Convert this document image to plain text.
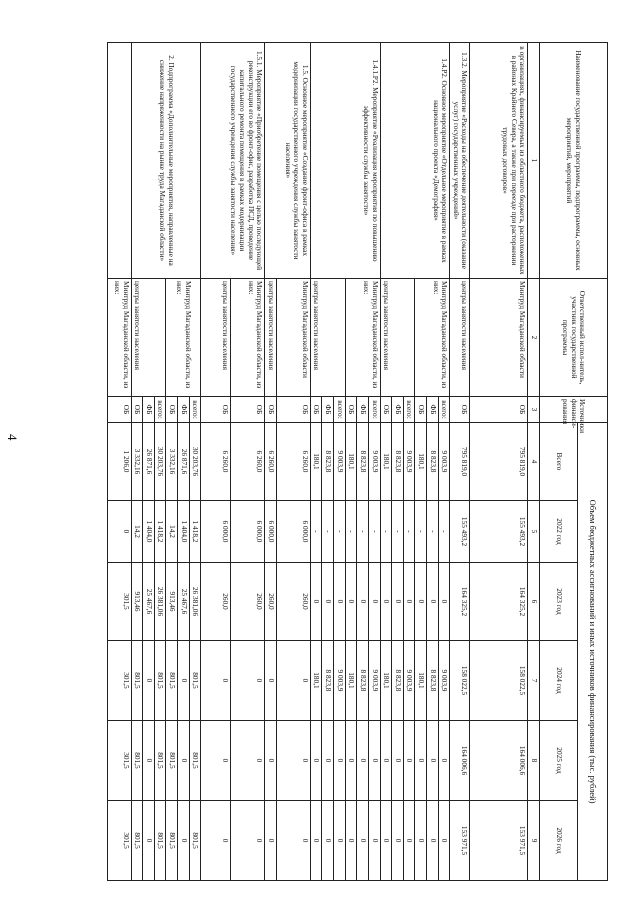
4
Наименование государственной программы, подпрограммы, основных мероприятий, мероприятий	Ответственный испол-нитель, участник государственной программы	Источники финанси-рования	Объем бюджетных ассигнований и иных источников финансирования (тыс. рублей)					
			Всего	2022 год	2023 год	2024 год	2025 год	2026 год
1	2	3	4	5	6	7	8	9
в организациях, финансируемых из областного бюджета, расположенных в районах Крайнего Севера, а также при переезде при расторжении трудовых договоров»	Минтруд Магаданской области	ОБ	795 819,0	155 493,2	164 325,2	158 022,5	164 006,6	153 971,5
1.3.2. Мероприятие «Расходы на обеспечение деятельности (оказание услуг) государственных учреждений»	центры занятости населения	ОБ	795 819,0	155 493,2	164 325,2	158 022,5	164 006,6	153 971,5
1.4.Р2. Основное мероприятие «Отдельное мероприятие в рамках национального проекта «Демография»	Минтруд Магаданской области, из них:	всего:	9 003,9	-	0	9 003,9	0	0
		ФБ	8 823,8	-	0	8 823,8	0	0
		ОБ	180,1	-	0	180,1	0	0
	центры занятости населения	всего:	9 003,9	-	0	9 003,9	0	0
		ФБ	8 823,8	-	0	8 823,8	0	0
		ОБ	180,1	-	0	180,1	0	0
1.4.1.Р2. Мероприятие «Реализация мероприятия по повышению эффективности службы занятости»	Минтруд Магаданской области, из них:	всего:	9 003,9	-	0	9 003,9	0	0
		ФБ	8 823,8	-	0	8 823,8	0	0
		ОБ	180,1	-	0	180,1	0	0
	центры занятости населения	всего:	9 003,9	-	0	9 003,9	0	0
		ФБ	8 823,8	-	0	8 823,8	0	0
		ОБ	180,1	-	0	180,1	0	0
1.5. Основное мероприятие «Создание фронт-офиса в рамках модернизации государственного учреждения службы занятости населения»	Минтруд Магаданской области	ОБ	6 260,0	6 000,0	260,0	0	0	0
	центры занятости населения	ОБ	6 260,0	6 000,0	260,0	0	0	0
1.5.1. Мероприятие «Приобретение помещения с целью последующей реконструкции его во фронт-офис, разработка ПСД, проведение капитального ремонта помещения в рамках модернизации государственного учреждения службы занятости населения»	Минтруд Магаданской области, из них:	ОБ	6 260,0	6 000,0	260,0	0	0	0
	центры занятости населения	ОБ	6 260,0	6 000,0	260,0	0	0	0
2. Подпрограмма «Дополнительные мероприятия, направленные на снижение напряженности на рынке труда Магаданской области»	Минтруд Магаданской области, из них:	всего:	30 203,76	1 418,2	26 381,06	801,5	801,5	801,5
		ФБ	26 871,6	1 404,0	25 467,6	0	0	0
		ОБ	3 332,16	14,2	913,46	801,5	801,5	801,5
	центры занятости населения	всего:	30 203,76	1 418,2	26 381,06	801,5	801,5	801,5
		ФБ	26 871,6	1 404,0	25 467,6	0	0	0
		ОБ	3 332,16	14,2	913,46	801,5	801,5	801,5
	Минтруд Магаданской области, из них:	ОБ	1 206,0	0	301,5	301,5	301,5	301,5
